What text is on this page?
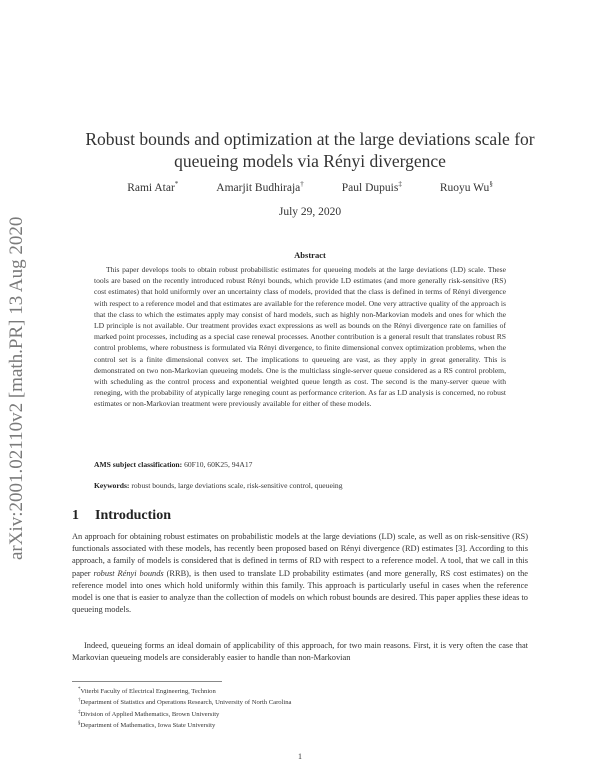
arXiv:2001.02110v2 [math.PR] 13 Aug 2020
Robust bounds and optimization at the large deviations scale for
queueing models via Rényi divergence
Rami Atar*	Amarjit Budhiraja†	Paul Dupuis‡	Ruoyu Wu§
July 29, 2020
Abstract
This paper develops tools to obtain robust probabilistic estimates for queueing models at the large deviations (LD) scale. These tools are based on the recently introduced robust Rényi bounds, which provide LD estimates (and more generally risk-sensitive (RS) cost estimates) that hold uniformly over an uncertainty class of models, provided that the class is defined in terms of Rényi divergence with respect to a reference model and that estimates are available for the reference model. One very attractive quality of the approach is that the class to which the estimates apply may consist of hard models, such as highly non-Markovian models and ones for which the LD principle is not available. Our treatment provides exact expressions as well as bounds on the Rényi divergence rate on families of marked point processes, including as a special case renewal processes. Another contribution is a general result that translates robust RS control problems, where robustness is formulated via Rényi divergence, to finite dimensional convex optimization problems, when the control set is a finite dimensional convex set. The implications to queueing are vast, as they apply in great generality. This is demonstrated on two non-Markovian queueing models. One is the multiclass single-server queue considered as a RS control problem, with scheduling as the control process and exponential weighted queue length as cost. The second is the many-server queue with reneging, with the probability of atypically large reneging count as performance criterion. As far as LD analysis is concerned, no robust estimates or non-Markovian treatment were previously available for either of these models.
AMS subject classification: 60F10, 60K25, 94A17
Keywords: robust bounds, large deviations scale, risk-sensitive control, queueing
1 Introduction
An approach for obtaining robust estimates on probabilistic models at the large deviations (LD) scale, as well as on risk-sensitive (RS) functionals associated with these models, has recently been proposed based on Rényi divergence (RD) estimates [3]. According to this approach, a family of models is considered that is defined in terms of RD with respect to a reference model. A tool, that we call in this paper robust Rényi bounds (RRB), is then used to translate LD probability estimates (and more generally, RS cost estimates) on the reference model into ones which hold uniformly within this family. This approach is particularly useful in cases when the reference model is one that is easier to analyze than the collection of models on which robust bounds are desired. This paper applies these ideas to queueing models.
Indeed, queueing forms an ideal domain of applicability of this approach, for two main reasons. First, it is very often the case that Markovian queueing models are considerably easier to handle than non-Markovian
*Viterbi Faculty of Electrical Engineering, Technion
†Department of Statistics and Operations Research, University of North Carolina
‡Division of Applied Mathematics, Brown University
§Department of Mathematics, Iowa State University
1
